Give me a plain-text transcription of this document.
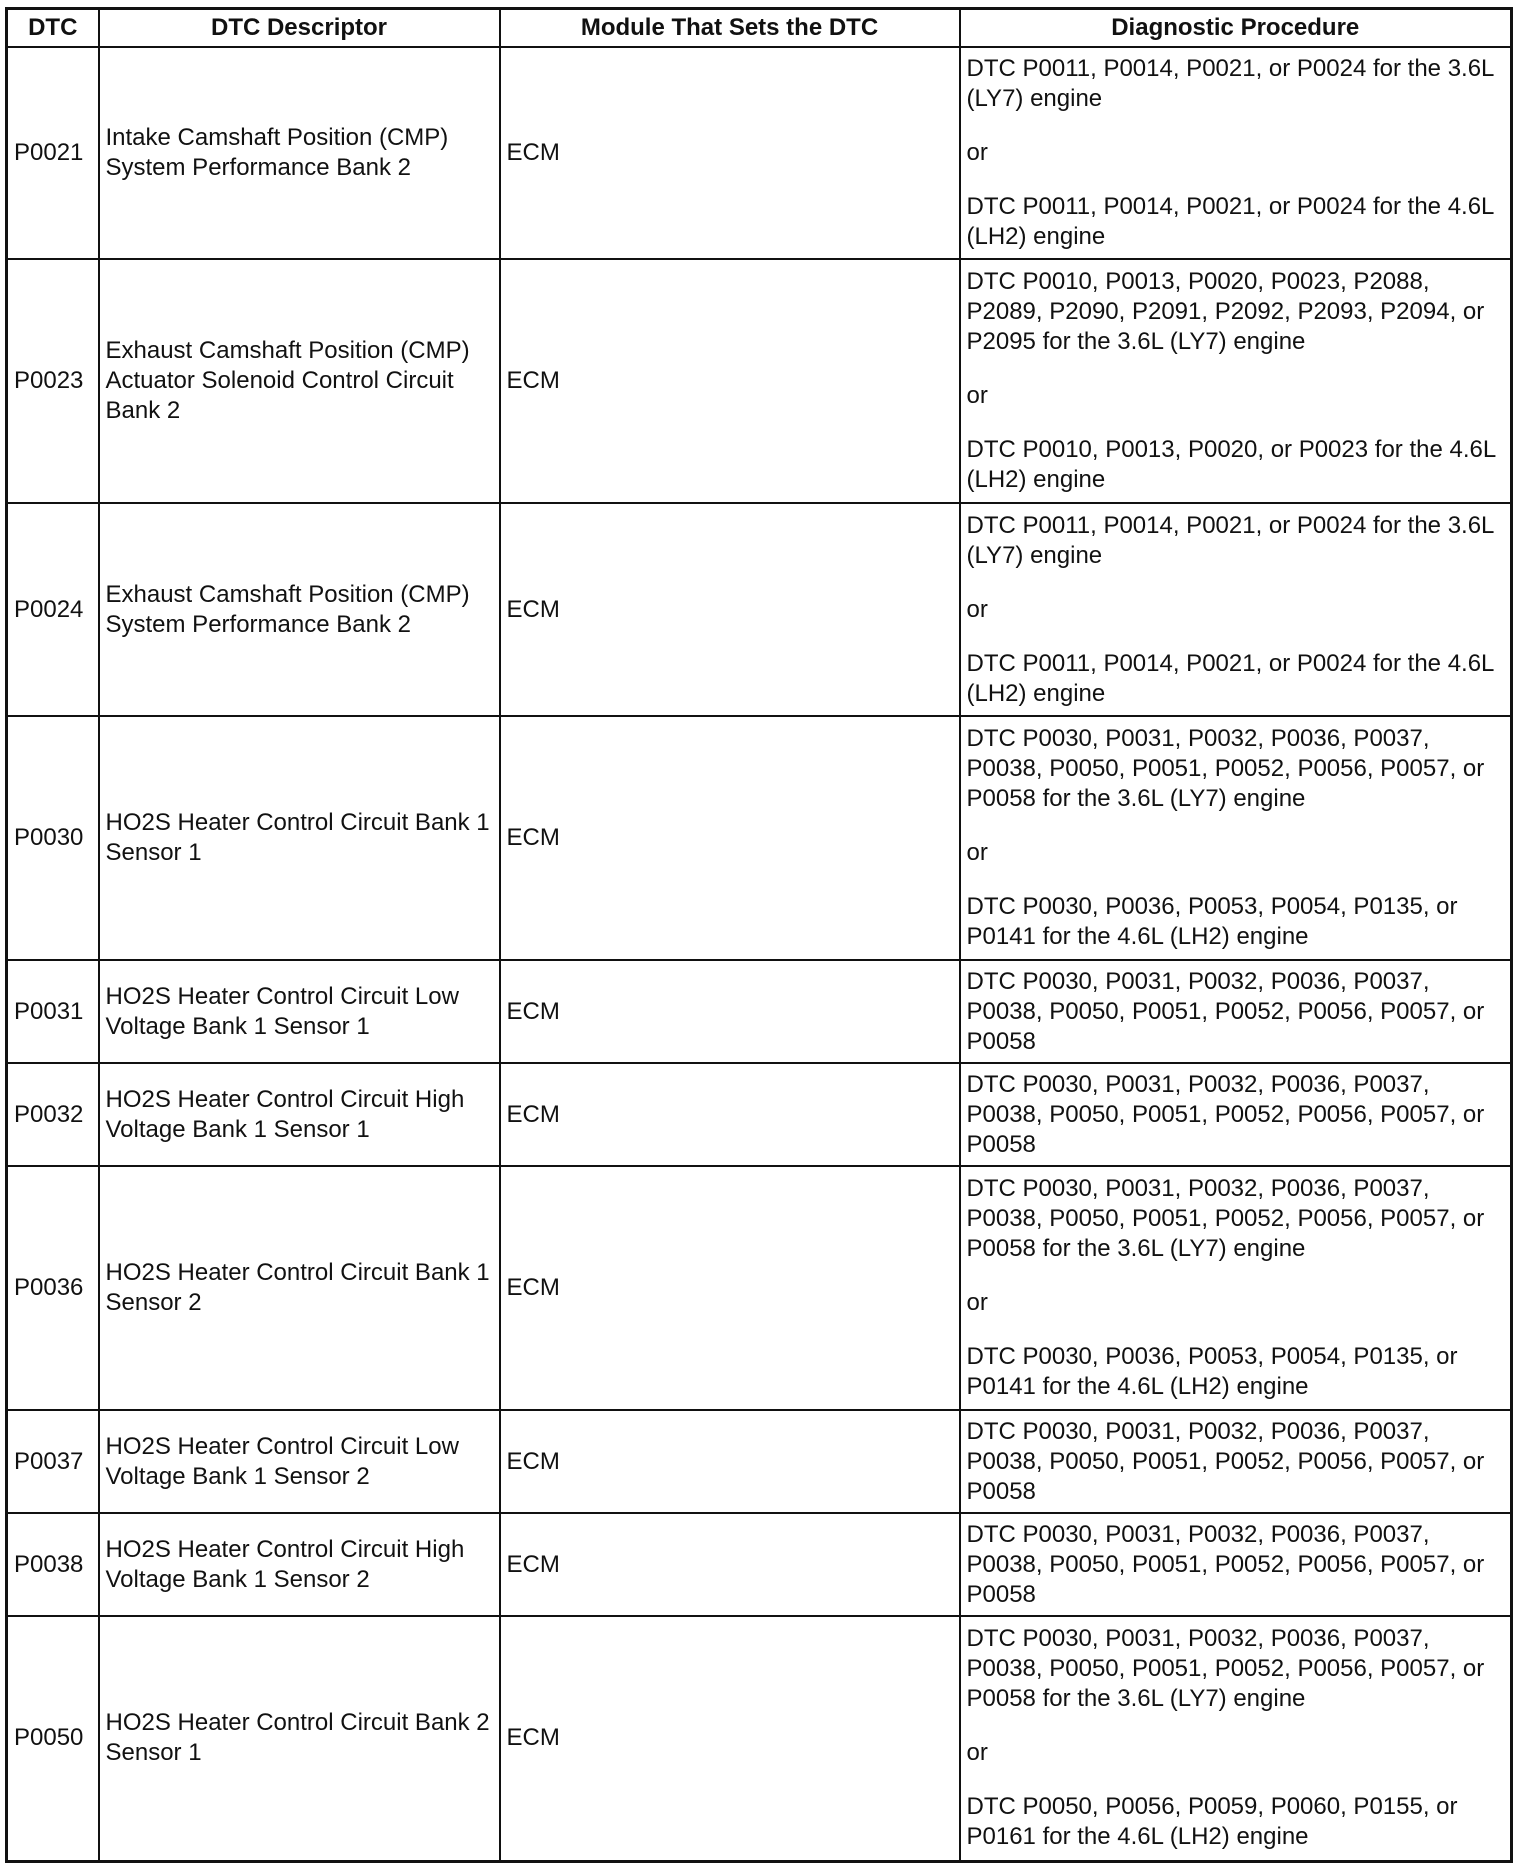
DTC	DTC Descriptor	Module That Sets the DTC	Diagnostic Procedure
P0021	Intake Camshaft Position (CMP) System Performance Bank 2	ECM	DTC P0011, P0014, P0021, or P0024 for the 3.6L (LY7) engine

or

DTC P0011, P0014, P0021, or P0024 for the 4.6L (LH2) engine

P0023	Exhaust Camshaft Position (CMP) Actuator Solenoid Control Circuit Bank 2	ECM	DTC P0010, P0013, P0020, P0023, P2088, P2089, P2090, P2091, P2092, P2093, P2094, or P2095 for the 3.6L (LY7) engine

or

DTC P0010, P0013, P0020, or P0023 for the 4.6L (LH2) engine

P0024	Exhaust Camshaft Position (CMP) System Performance Bank 2	ECM	DTC P0011, P0014, P0021, or P0024 for the 3.6L (LY7) engine

or

DTC P0011, P0014, P0021, or P0024 for the 4.6L (LH2) engine

P0030	HO2S Heater Control Circuit Bank 1 Sensor 1	ECM	DTC P0030, P0031, P0032, P0036, P0037, P0038, P0050, P0051, P0052, P0056, P0057, or P0058 for the 3.6L (LY7) engine

or

DTC P0030, P0036, P0053, P0054, P0135, or P0141 for the 4.6L (LH2) engine

P0031	HO2S Heater Control Circuit Low Voltage Bank 1 Sensor 1	ECM	DTC P0030, P0031, P0032, P0036, P0037, P0038, P0050, P0051, P0052, P0056, P0057, or P0058

P0032	HO2S Heater Control Circuit High Voltage Bank 1 Sensor 1	ECM	DTC P0030, P0031, P0032, P0036, P0037, P0038, P0050, P0051, P0052, P0056, P0057, or P0058

P0036	HO2S Heater Control Circuit Bank 1 Sensor 2	ECM	DTC P0030, P0031, P0032, P0036, P0037, P0038, P0050, P0051, P0052, P0056, P0057, or P0058 for the 3.6L (LY7) engine

or

DTC P0030, P0036, P0053, P0054, P0135, or P0141 for the 4.6L (LH2) engine

P0037	HO2S Heater Control Circuit Low Voltage Bank 1 Sensor 2	ECM	DTC P0030, P0031, P0032, P0036, P0037, P0038, P0050, P0051, P0052, P0056, P0057, or P0058

P0038	HO2S Heater Control Circuit High Voltage Bank 1 Sensor 2	ECM	DTC P0030, P0031, P0032, P0036, P0037, P0038, P0050, P0051, P0052, P0056, P0057, or P0058

P0050	HO2S Heater Control Circuit Bank 2 Sensor 1	ECM	DTC P0030, P0031, P0032, P0036, P0037, P0038, P0050, P0051, P0052, P0056, P0057, or P0058 for the 3.6L (LY7) engine

or

DTC P0050, P0056, P0059, P0060, P0155, or P0161 for the 4.6L (LH2) engine
